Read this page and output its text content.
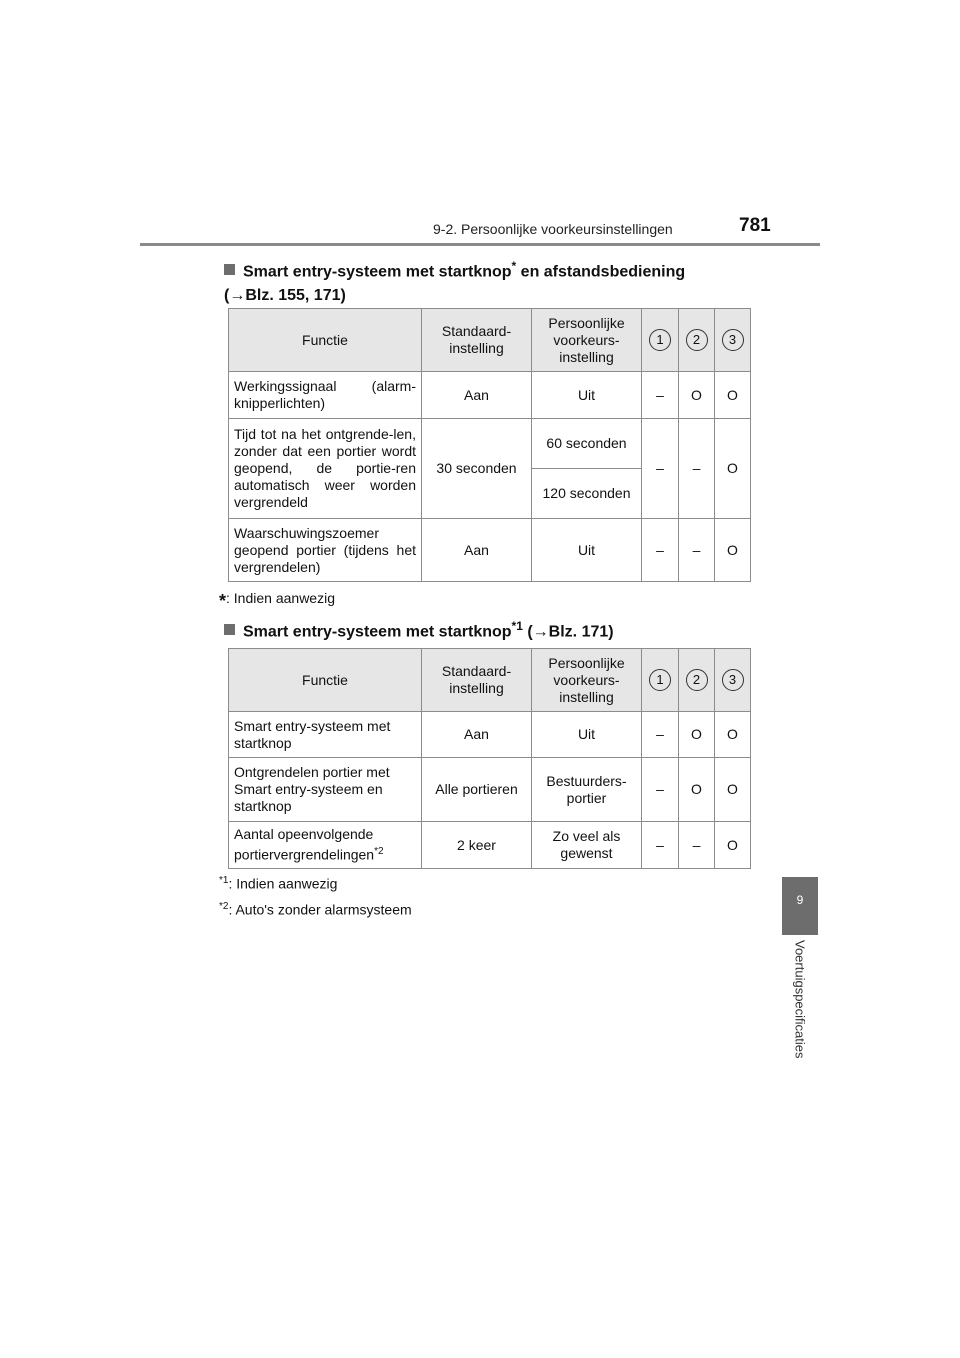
9-2. Persoonlijke voorkeursinstellingen	781
9
Voertuigspecificaties
Smart entry-systeem met startknop* en afstandsbediening
(→Blz. 155, 171)
Functie	Standaard-instelling	Persoonlijke voorkeurs-instelling	1	2	3
Werkingssignaal (alarm-knipperlichten)	Aan	Uit	–	O	O
Tijd tot na het ontgrende-len, zonder dat een portier wordt geopend, de portie-ren automatisch weer worden vergrendeld	30 seconden	60 seconden	–	–	O
		120 seconden			
Waarschuwingszoemer geopend portier (tijdens het vergrendelen)	Aan	Uit	–	–	O
*: Indien aanwezig
Smart entry-systeem met startknop$^{*1}$ (→Blz. 171)
Functie	Standaard-instelling	Persoonlijke voorkeurs-instelling	1	2	3
Smart entry-systeem met startknop	Aan	Uit	–	O	O
Ontgrendelen portier met Smart entry-systeem en startknop	Alle portieren	Bestuurders-portier	–	O	O
Aantal opeenvolgende portiervergrendelingen$^{*2}$	2 keer	Zo veel als gewenst	–	–	O
$^{*1}$: Indien aanwezig
$^{*2}$: Auto's zonder alarmsysteem
